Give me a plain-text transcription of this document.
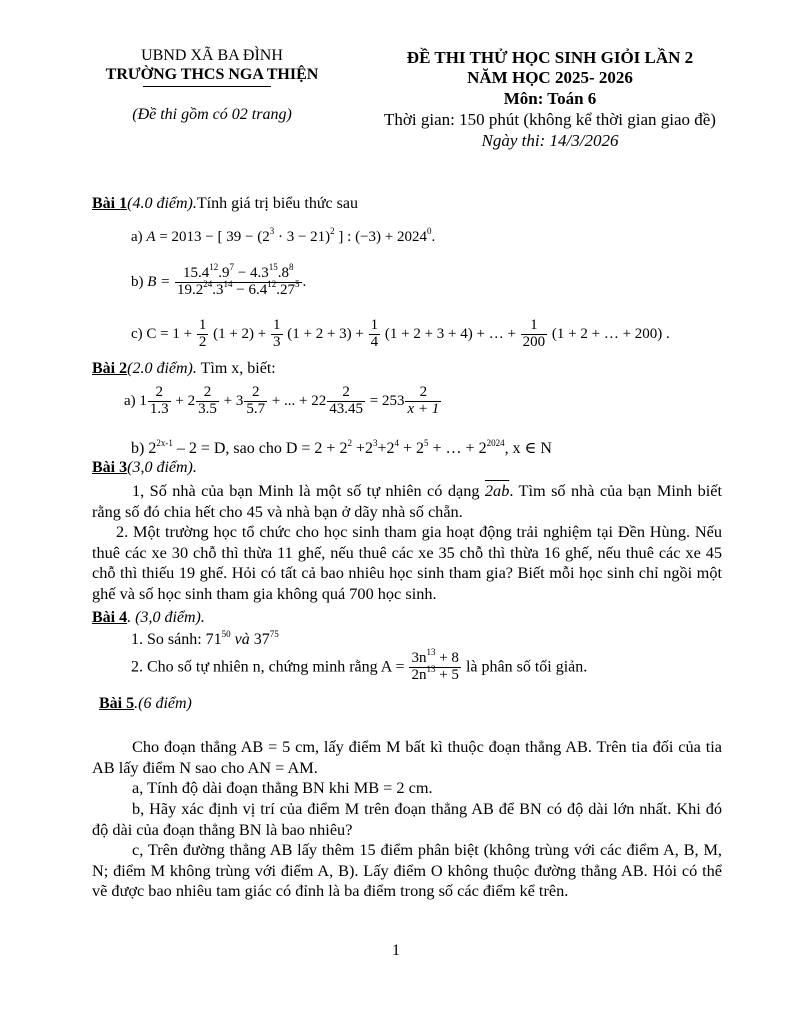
UBND XÃ BA ĐÌNH
TRƯỜNG THCS NGA THIỆN
(Đề thi gồm có 02 trang)
ĐỀ THI THỬ HỌC SINH GIỎI LẦN 2
NĂM HỌC 2025- 2026
Môn: Toán 6
Thời gian: 150 phút (không kể thời gian giao đề)
Ngày thi: 14/3/2026
Bài 1(4.0 điểm).Tính giá trị biểu thức sau
a) A = 2013 − [ $39 - (2^3 \cdot 3 - 21)^2$ ] : $(-3) + 2024^0$.
b) $B = \frac{15.4^{12}.9^7 - 4.3^{15}.8^8}{19.2^{24}.3^{14} - 6.4^{12}.27^5}$ .
c) $C = 1 + \frac{1}{2} (1 + 2) + \frac{1}{3} (1 + 2 + 3) + \frac{1}{4} (1 + 2 + 3 + 4)$ + … + $\frac{1}{200} (1 + 2$ + … + 200) .
Bài 2(2.0 điểm). Tìm x, biết:
a) $1 \frac{2}{1.3} + 2 \frac{2}{3.5} + 3 \frac{2}{5.7}$ + ... + $22 \frac{2}{43.45} = 253 \frac{2}{x + 1}$
b) $2^{2x-1} - 2 = D$, sao cho $D = 2 + 2^2 +2^3+2^4 + 2^5$ + … + $2^{2024}$, x ∈ N
Bài 3(3,0 điểm).
1, Số nhà của bạn Minh là một số tự nhiên có dạng 2ab. Tìm số nhà của bạn Minh biết rằng số đó chia hết cho 45 và nhà bạn ở dãy nhà số chẵn.
2. Một trường học tổ chức cho học sinh tham gia hoạt động trải nghiệm tại Đền Hùng. Nếu thuê các xe 30 chỗ thì thừa 11 ghế, nếu thuê các xe 35 chỗ thì thừa 16 ghế, nếu thuê các xe 45 chỗ thì thiếu 19 ghế. Hỏi có tất cả bao nhiêu học sinh tham gia? Biết mỗi học sinh chỉ ngồi một ghế và số học sinh tham gia không quá 700 học sinh.
Bài 4. (3,0 điểm).
1. So sánh: $71^{50}$ và $37^{75}$
2. Cho số tự nhiên n, chứng minh rằng $A = \frac{3n^{13} + 8}{2n^{13} + 5}$ là phân số tối giản.
Bài 5.(6 điểm)
Cho đoạn thẳng AB = 5 cm, lấy điểm M bất kì thuộc đoạn thẳng AB. Trên tia đối của tia AB lấy điểm N sao cho AN = AM.
a, Tính độ dài đoạn thẳng BN khi MB = 2 cm.
b, Hãy xác định vị trí của điểm M trên đoạn thẳng AB để BN có độ dài lớn nhất. Khi đó độ dài của đoạn thẳng BN là bao nhiêu?
c, Trên đường thẳng AB lấy thêm 15 điểm phân biệt (không trùng với các điểm A, B, M, N; điểm M không trùng với điểm A, B). Lấy điểm O không thuộc đường thẳng AB. Hỏi có thể vẽ được bao nhiêu tam giác có đỉnh là ba điểm trong số các điểm kể trên.
1
